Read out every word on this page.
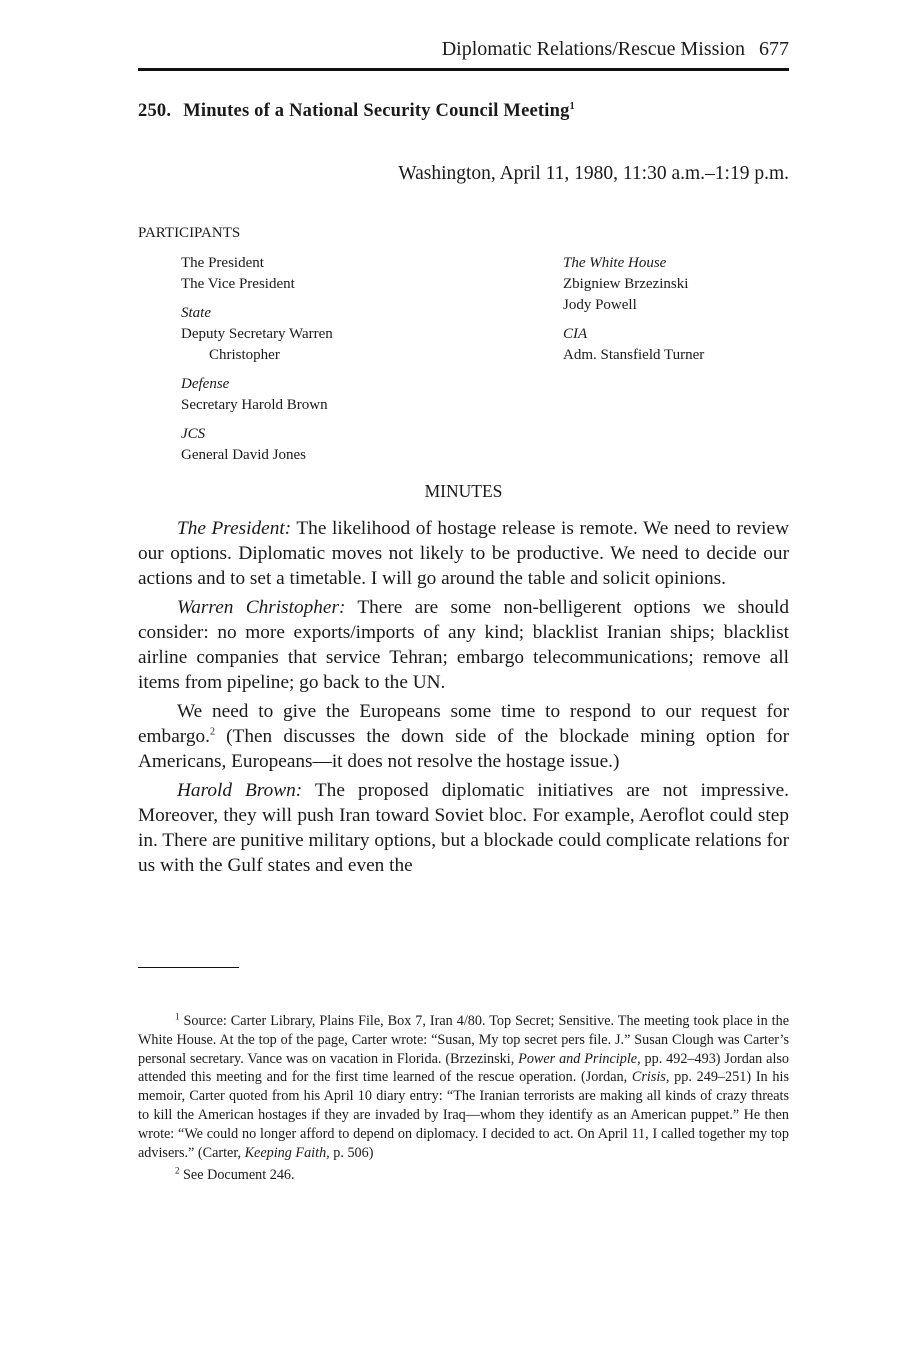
Diplomatic Relations/Rescue Mission 677
250. Minutes of a National Security Council Meeting$^1$
Washington, April 11, 1980, 11:30 a.m.–1:19 p.m.
PARTICIPANTS
The President
The Vice President
State
Deputy Secretary Warren
Christopher
Defense
Secretary Harold Brown
JCS
General David Jones
The White House
Zbigniew Brzezinski
Jody Powell
CIA
Adm. Stansfield Turner
MINUTES

The President: The likelihood of hostage release is remote. We need to review our options. Diplomatic moves not likely to be productive. We need to decide our actions and to set a timetable. I will go around the table and solicit opinions.

Warren Christopher: There are some non-belligerent options we should consider: no more exports/imports of any kind; blacklist Iranian ships; blacklist airline companies that service Tehran; embargo telecommunications; remove all items from pipeline; go back to the UN.

We need to give the Europeans some time to respond to our request for embargo.$^2$ (Then discusses the down side of the blockade mining option for Americans, Europeans—it does not resolve the hostage issue.)

Harold Brown: The proposed diplomatic initiatives are not impressive. Moreover, they will push Iran toward Soviet bloc. For example, Aeroflot could step in. There are punitive military options, but a blockade could complicate relations for us with the Gulf states and even the

$^1$ Source: Carter Library, Plains File, Box 7, Iran 4/80. Top Secret; Sensitive. The meeting took place in the White House. At the top of the page, Carter wrote: “Susan, My top secret pers file. J.” Susan Clough was Carter’s personal secretary. Vance was on vacation in Florida. (Brzezinski, Power and Principle, pp. 492–493) Jordan also attended this meeting and for the first time learned of the rescue operation. (Jordan, Crisis, pp. 249–251) In his memoir, Carter quoted from his April 10 diary entry: “The Iranian terrorists are making all kinds of crazy threats to kill the American hostages if they are invaded by Iraq—whom they identify as an American puppet.” He then wrote: “We could no longer afford to depend on diplomacy. I decided to act. On April 11, I called together my top advisers.” (Carter, Keeping Faith, p. 506)

$^2$ See Document 246.
